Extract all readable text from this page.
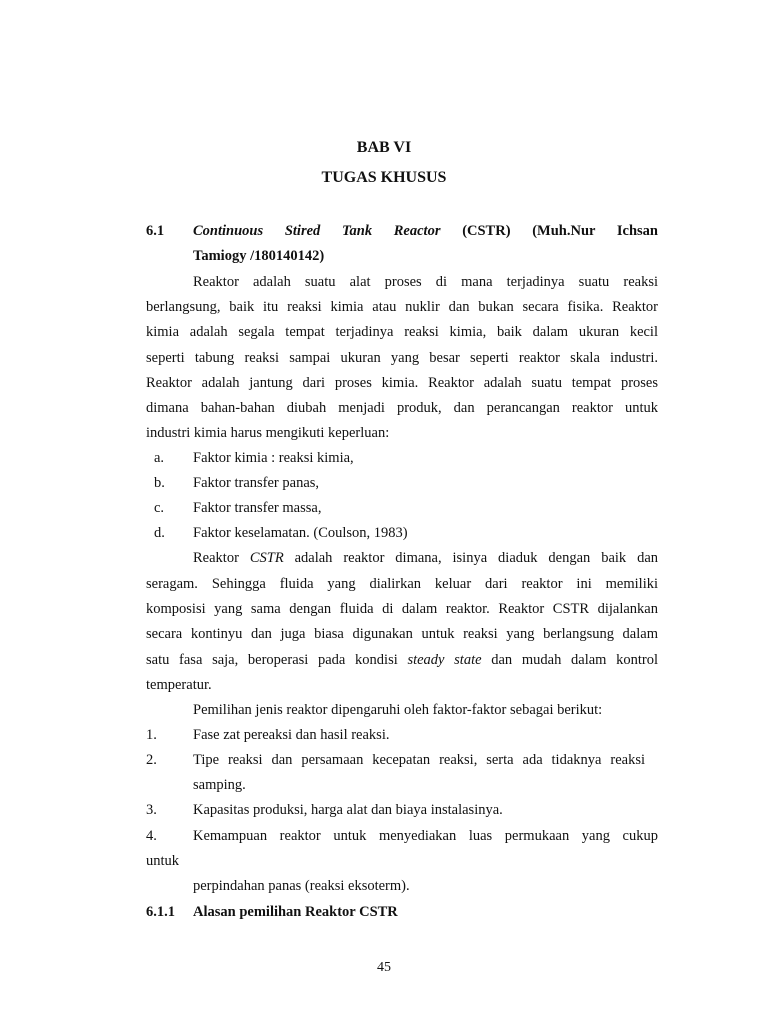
BAB VI
TUGAS KHUSUS
6.1 Continuous Stired Tank Reactor (CSTR) (Muh.Nur Ichsan
Tamiogy /180140142)
Reaktor adalah suatu alat proses di mana terjadinya suatu reaksi
berlangsung, baik itu reaksi kimia atau nuklir dan bukan secara fisika. Reaktor
kimia adalah segala tempat terjadinya reaksi kimia, baik dalam ukuran kecil
seperti tabung reaksi sampai ukuran yang besar seperti reaktor skala industri.
Reaktor adalah jantung dari proses kimia. Reaktor adalah suatu tempat proses
dimana bahan-bahan diubah menjadi produk, dan perancangan reaktor untuk
industri kimia harus mengikuti keperluan:
a. Faktor kimia : reaksi kimia,
b. Faktor transfer panas,
c. Faktor transfer massa,
d. Faktor keselamatan. (Coulson, 1983)
Reaktor CSTR adalah reaktor dimana, isinya diaduk dengan baik dan
seragam. Sehingga fluida yang dialirkan keluar dari reaktor ini memiliki
komposisi yang sama dengan fluida di dalam reaktor. Reaktor CSTR dijalankan
secara kontinyu dan juga biasa digunakan untuk reaksi yang berlangsung dalam
satu fasa saja, beroperasi pada kondisi steady state dan mudah dalam kontrol
temperatur.
Pemilihan jenis reaktor dipengaruhi oleh faktor-faktor sebagai berikut:
1. Fase zat pereaksi dan hasil reaksi.
2. Tipe reaksi dan persamaan kecepatan reaksi, serta ada tidaknya reaksi
samping.
3. Kapasitas produksi, harga alat dan biaya instalasinya.
4. Kemampuan reaktor untuk menyediakan luas permukaan yang cukup
untuk
perpindahan panas (reaksi eksoterm).
6.1.1 Alasan pemilihan Reaktor CSTR
45
